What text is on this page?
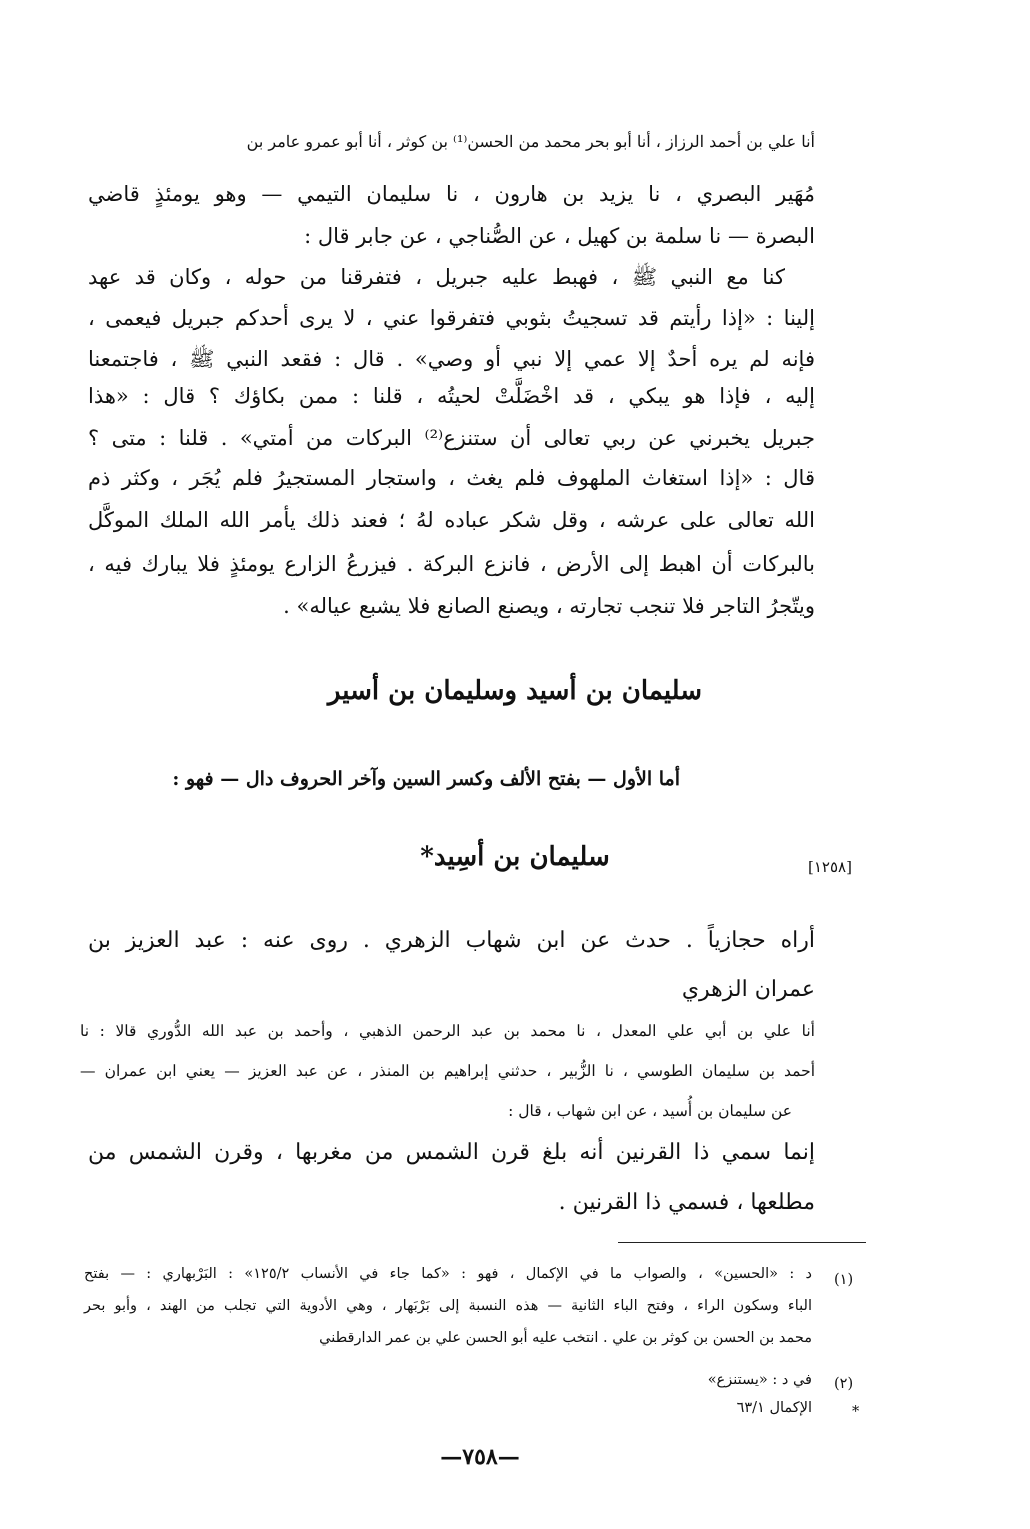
أنا علي بن أحمد الرزاز ، أنا أبو بحر محمد من الحسن⁽¹⁾ بن كوثر ، أنا أبو عمرو عامر بن
مُهَير البصري ، نا يزيد بن هارون ، نا سليمان التيمي — وهو يومئذٍ قاضي
البصرة — نا سلمة بن كهيل ، عن الصُّناجي ، عن جابر قال :
كنا مع النبي ﷺ ، فهبط عليه جبريل ، فتفرقنا من حوله ، وكان قد عهد
إلينا : «إذا رأيتم قد تسجيتُ بثوبي فتفرقوا عني ، لا يرى أحدكم جبريل فيعمى ،
فإنه لم يره أحدٌ إلا عمي إلا نبي أو وصي» . قال : فقعد النبي ﷺ ، فاجتمعنا
إليه ، فإذا هو يبكي ، قد اخْضَلَّتْ لحيتُه ، قلنا : ممن بكاؤك ؟ قال : «هذا
جبريل يخبرني عن ربي تعالى أن ستنزع⁽²⁾ البركات من أمتي» . قلنا : متى ؟
قال : «إذا استغاث الملهوف فلم يغث ، واستجار المستجيرُ فلم يُجَر ، وكثر ذم
الله تعالى على عرشه ، وقل شكر عباده لهُ ؛ فعند ذلك يأمر الله الملك الموكَّل
بالبركات أن اهبط إلى الأرض ، فانزع البركة . فيزرعُ الزارع يومئذٍ فلا يبارك فيه ،
ويتّجرُ التاجر فلا تنجب تجارته ، ويصنع الصانع فلا يشبع عياله» .
سليمان بن أسيد وسليمان بن أسير
أما الأول — بفتح الألف وكسر السين وآخر الحروف دال — فهو :
[١٢٥٨]
سليمان بن أسِيد*
أراه حجازياً . حدث عن ابن شهاب الزهري . روى عنه : عبد العزيز بن
عمران الزهري
أنا علي بن أبي علي المعدل ، نا محمد بن عبد الرحمن الذهبي ، وأحمد بن عبد الله الدُّوري قالا : نا
أحمد بن سليمان الطوسي ، نا الزُّبير ، حدثني إبراهيم بن المنذر ، عن عبد العزيز — يعني ابن عمران —
عن سليمان بن أُسيد ، عن ابن شهاب ، قال :
إنما سمي ذا القرنين أنه بلغ قرن الشمس من مغربها ، وقرن الشمس من
مطلعها ، فسمي ذا القرنين .
(١)
د : «الحسين» ، والصواب ما في الإكمال ، فهو : «كما جاء في الأنساب ١٢٥/٢» : البَرْبهاري : — بفتح
الباء وسكون الراء ، وفتح الباء الثانية — هذه النسبة إلى بَرْبَهار ، وهي الأدوية التي تجلب من الهند ، وأبو بحر
محمد بن الحسن بن كوثر بن علي . انتخب عليه أبو الحسن علي بن عمر الدارقطني
(٢)
في د : «يستنزع»
*
الإكمال ٦٣/١
—٧٥٨—
